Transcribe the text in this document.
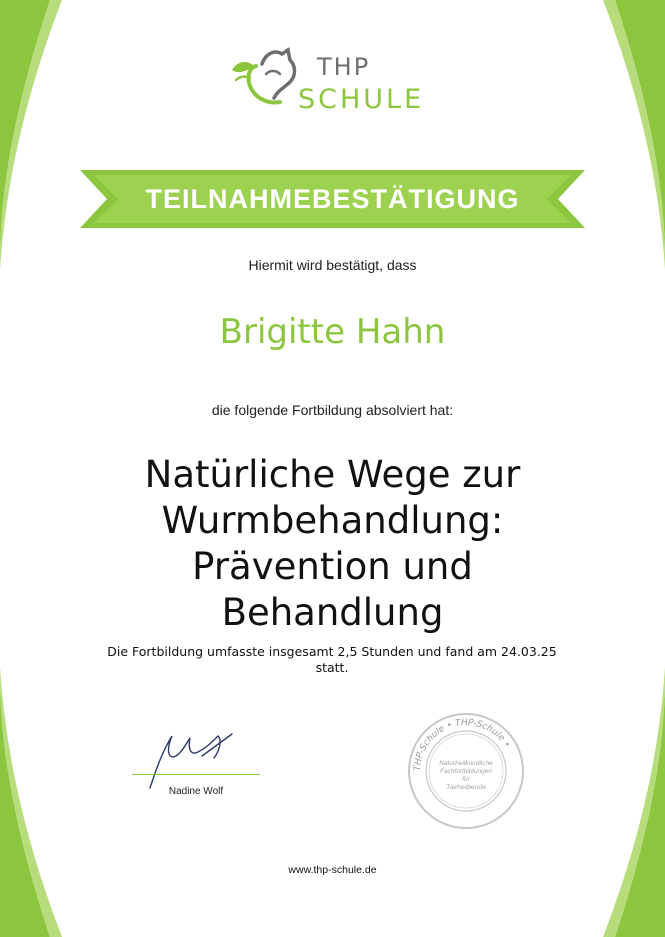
THP
SCHULE
TEILNAHMEBESTÄTIGUNG
Hiermit wird bestätigt, dass
Brigitte Hahn
die folgende Fortbildung absolviert hat:
Natürliche Wege zur
Wurmbehandlung:
Prävention und
Behandlung
Die Fortbildung umfasste insgesamt 2,5 Stunden und fand am 24.03.25
statt.
Nadine Wolf
THP-Schule • THP-Schule •
Naturheilkundliche
Fachfortbildungen für
Tierheilberufe
www.thp-schule.de
